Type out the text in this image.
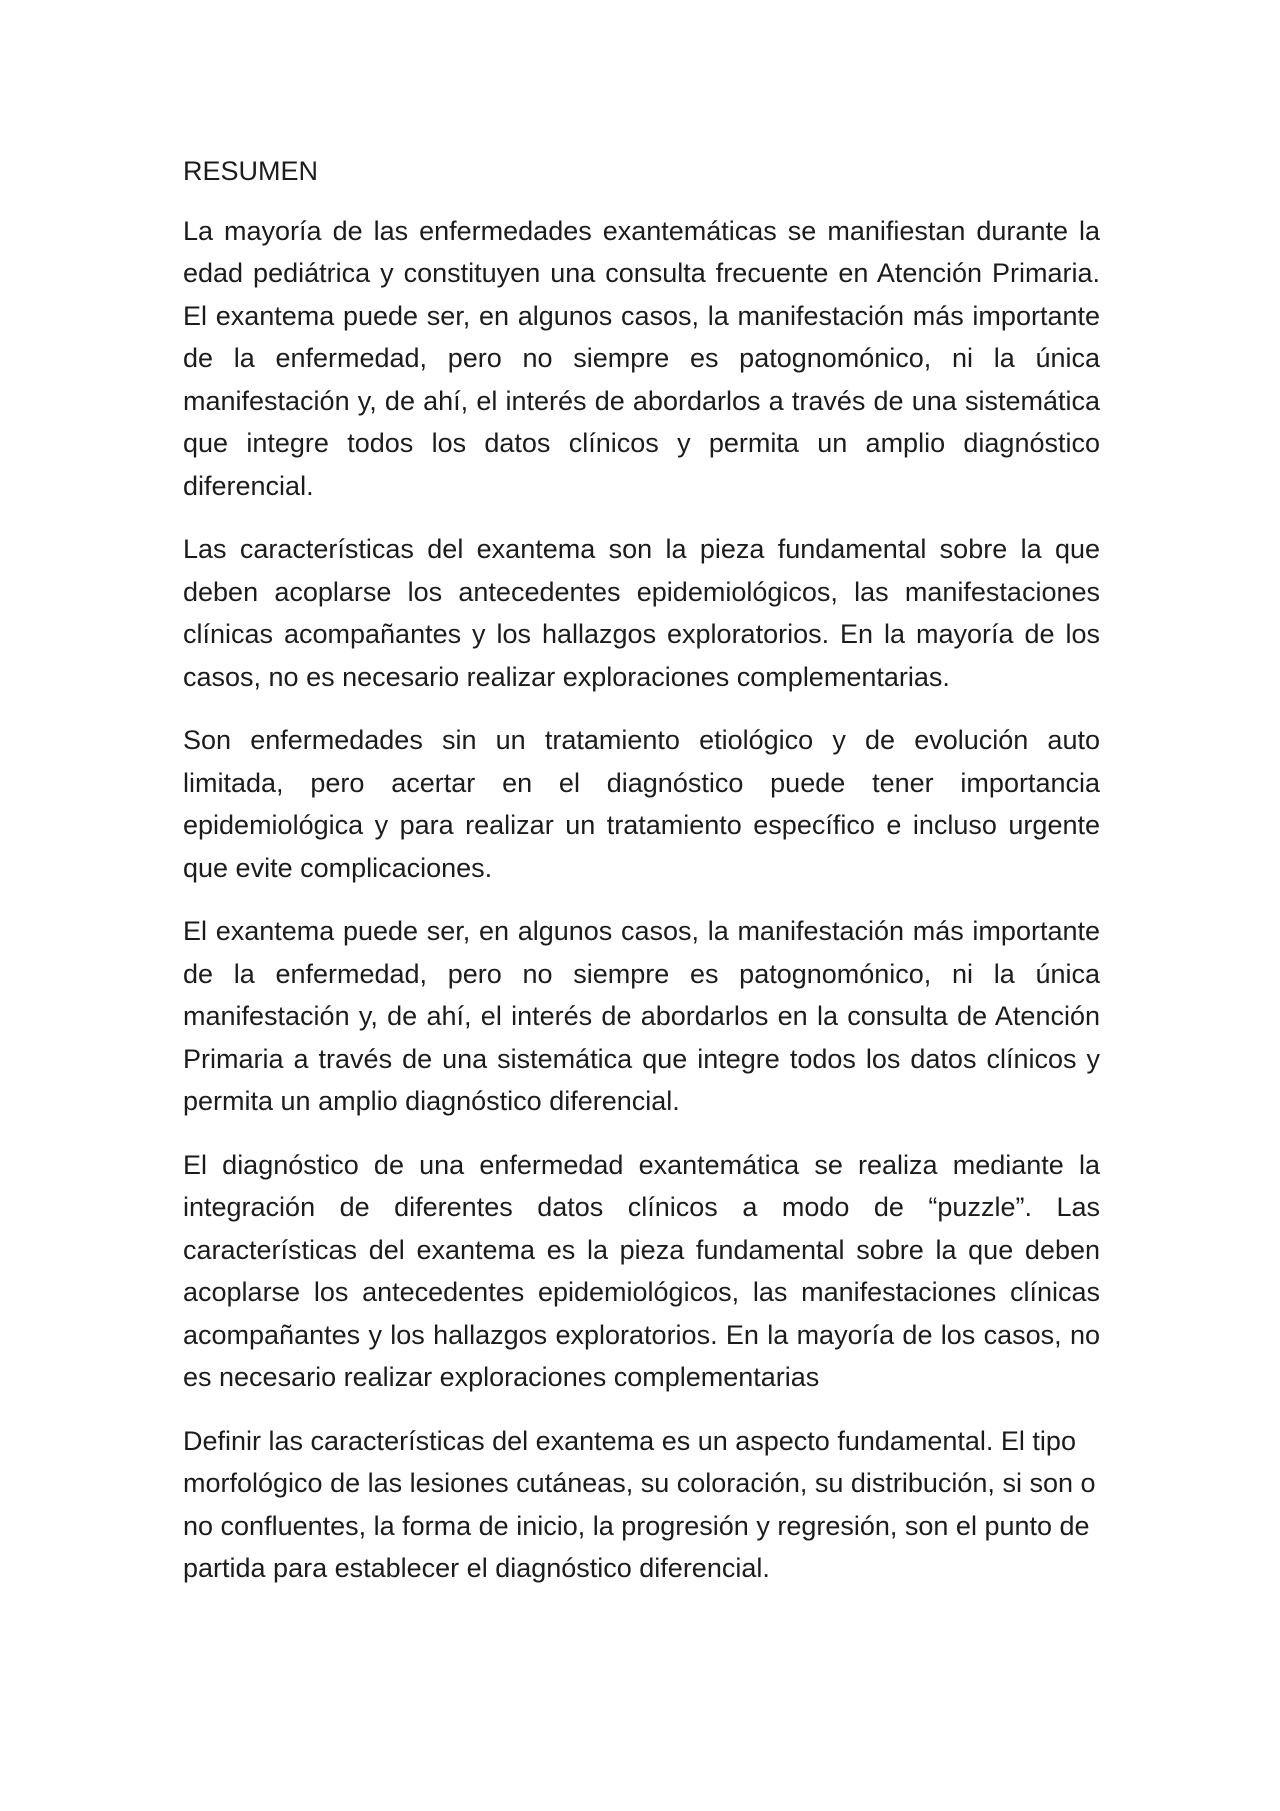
RESUMEN

La mayoría de las enfermedades exantemáticas se manifiestan durante la edad pediátrica y constituyen una consulta frecuente en Atención Primaria. El exantema puede ser, en algunos casos, la manifestación más importante de la enfermedad, pero no siempre es patognomónico, ni la única manifestación y, de ahí, el interés de abordarlos a través de una sistemática que integre todos los datos clínicos y permita un amplio diagnóstico diferencial.

Las características del exantema son la pieza fundamental sobre la que deben acoplarse los antecedentes epidemiológicos, las manifestaciones clínicas acompañantes y los hallazgos exploratorios. En la mayoría de los casos, no es necesario realizar exploraciones complementarias.

Son enfermedades sin un tratamiento etiológico y de evolución auto limitada, pero acertar en el diagnóstico puede tener importancia epidemiológica y para realizar un tratamiento específico e incluso urgente que evite complicaciones.

El exantema puede ser, en algunos casos, la manifestación más importante de la enfermedad, pero no siempre es patognomónico, ni la única manifestación y, de ahí, el interés de abordarlos en la consulta de Atención Primaria a través de una sistemática que integre todos los datos clínicos y permita un amplio diagnóstico diferencial.

El diagnóstico de una enfermedad exantemática se realiza mediante la integración de diferentes datos clínicos a modo de “puzzle”. Las características del exantema es la pieza fundamental sobre la que deben acoplarse los antecedentes epidemiológicos, las manifestaciones clínicas acompañantes y los hallazgos exploratorios. En la mayoría de los casos, no es necesario realizar exploraciones complementarias

Definir las características del exantema es un aspecto fundamental. El tipo morfológico de las lesiones cutáneas, su coloración, su distribución, si son o no confluentes, la forma de inicio, la progresión y regresión, son el punto de partida para establecer el diagnóstico diferencial.
